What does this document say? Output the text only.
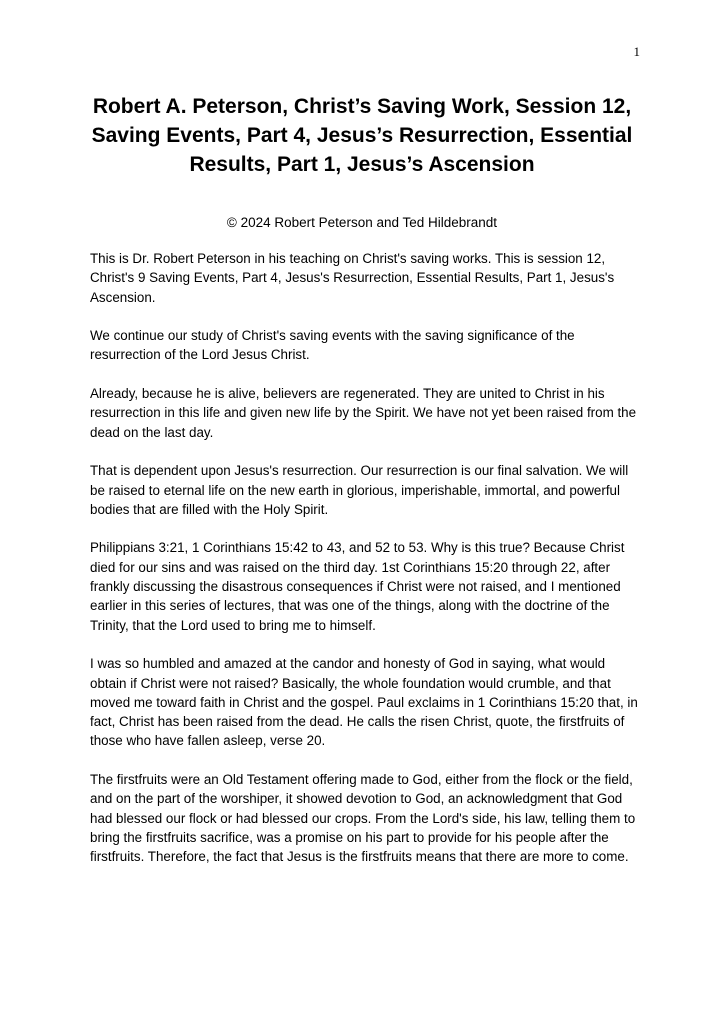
1
Robert A. Peterson, Christ’s Saving Work, Session 12, Saving Events, Part 4, Jesus’s Resurrection, Essential Results, Part 1, Jesus’s Ascension
© 2024 Robert Peterson and Ted Hildebrandt

This is Dr. Robert Peterson in his teaching on Christ's saving works. This is session 12, Christ's 9 Saving Events, Part 4, Jesus's Resurrection, Essential Results, Part 1, Jesus's Ascension.

We continue our study of Christ's saving events with the saving significance of the resurrection of the Lord Jesus Christ.

Already, because he is alive, believers are regenerated. They are united to Christ in his resurrection in this life and given new life by the Spirit. We have not yet been raised from the dead on the last day.

That is dependent upon Jesus's resurrection. Our resurrection is our final salvation. We will be raised to eternal life on the new earth in glorious, imperishable, immortal, and powerful bodies that are filled with the Holy Spirit.

Philippians 3:21, 1 Corinthians 15:42 to 43, and 52 to 53. Why is this true? Because Christ died for our sins and was raised on the third day. 1st Corinthians 15:20 through 22, after frankly discussing the disastrous consequences if Christ were not raised, and I mentioned earlier in this series of lectures, that was one of the things, along with the doctrine of the Trinity, that the Lord used to bring me to himself.

I was so humbled and amazed at the candor and honesty of God in saying, what would obtain if Christ were not raised? Basically, the whole foundation would crumble, and that moved me toward faith in Christ and the gospel. Paul exclaims in 1 Corinthians 15:20 that, in fact, Christ has been raised from the dead. He calls the risen Christ, quote, the firstfruits of those who have fallen asleep, verse 20.

The firstfruits were an Old Testament offering made to God, either from the flock or the field, and on the part of the worshiper, it showed devotion to God, an acknowledgment that God had blessed our flock or had blessed our crops. From the Lord's side, his law, telling them to bring the firstfruits sacrifice, was a promise on his part to provide for his people after the firstfruits. Therefore, the fact that Jesus is the firstfruits means that there are more to come.
